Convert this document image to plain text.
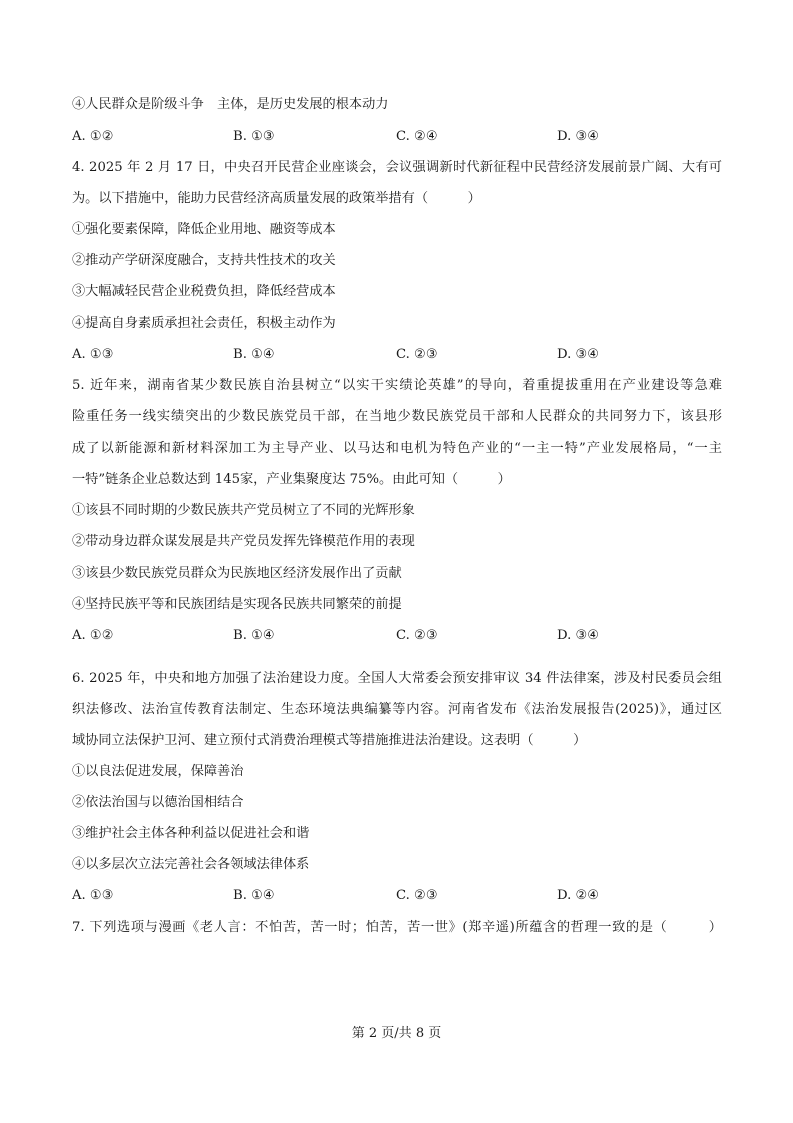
④人民群众是阶级斗争　主体，是历史发展的根本动力
A. ①②	B. ①③	C. ②④	D. ③④
4. 2025 年 2 月 17 日，中央召开民营企业座谈会，会议强调新时代新征程中民营经济发展前景广阔、大有可
为。以下措施中，能助力民营经济高质量发展的政策举措有（　　　）
①强化要素保障，降低企业用地、融资等成本
②推动产学研深度融合，支持共性技术的攻关
③大幅减轻民营企业税费负担，降低经营成本
④提高自身素质承担社会责任，积极主动作为
A. ①③	B. ①④	C. ②③	D. ③④
5. 近年来，湖南省某少数民族自治县树立“以实干实绩论英雄”的导向，着重提拔重用在产业建设等急难
险重任务一线实绩突出的少数民族党员干部，在当地少数民族党员干部和人民群众的共同努力下，该县形
成了以新能源和新材料深加工为主导产业、以马达和电机为特色产业的“一主一特”产业发展格局，“一主
一特”链条企业总数达到 145家，产业集聚度达 75%。由此可知（　　　）
①该县不同时期的少数民族共产党员树立了不同的光辉形象
②带动身边群众谋发展是共产党员发挥先锋模范作用的表现
③该县少数民族党员群众为民族地区经济发展作出了贡献
④坚持民族平等和民族团结是实现各民族共同繁荣的前提
A. ①②	B. ①④	C. ②③	D. ③④
6. 2025 年，中央和地方加强了法治建设力度。全国人大常委会预安排审议 34 件法律案，涉及村民委员会组
织法修改、法治宣传教育法制定、生态环境法典编纂等内容。河南省发布《法治发展报告(2025)》，通过区
域协同立法保护卫河、建立预付式消费治理模式等措施推进法治建设。这表明（　　　）
①以良法促进发展，保障善治
②依法治国与以德治国相结合
③维护社会主体各种利益以促进社会和谐
④以多层次立法完善社会各领域法律体系
A. ①③	B. ①④	C. ②③	D. ②④
7. 下列选项与漫画《老人言：不怕苦，苦一时；怕苦，苦一世》(郑辛遥)所蕴含的哲理一致的是（　　　）
第 2 页/共 8 页
